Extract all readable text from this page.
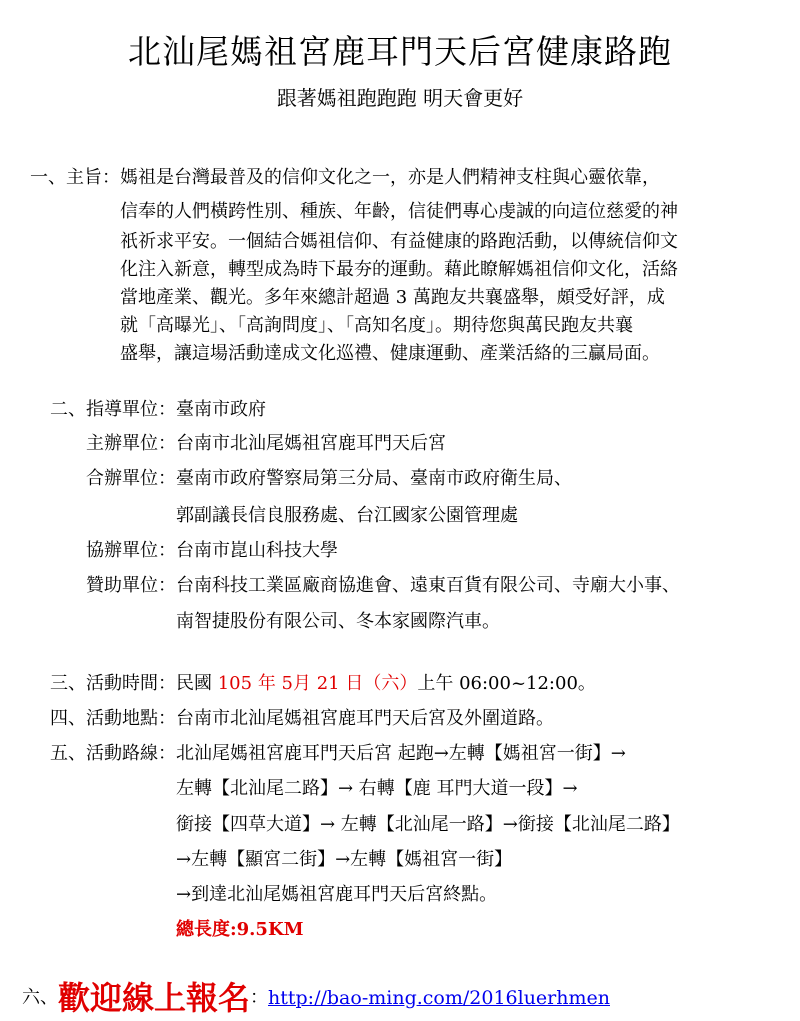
北汕尾媽祖宮鹿耳門天后宮健康路跑
跟著媽祖跑跑跑 明天會更好
一、主旨： 媽祖是台灣最普及的信仰文化之一，亦是人們精神支柱與心靈依靠，
信奉的人們橫跨性別、種族、年齡，信徒們專心虔誠的向這位慈愛的神
祇祈求平安。一個結合媽祖信仰、有益健康的路跑活動，以傳統信仰文
化注入新意，轉型成為時下最夯的運動。藉此瞭解媽祖信仰文化，活絡
當地產業、觀光。多年來總計超過 3 萬跑友共襄盛舉，頗受好評，成
就「高曝光」、「高詢問度」、「高知名度」。期待您與萬民跑友共襄
盛舉，讓這場活動達成文化巡禮、健康運動、產業活絡的三贏局面。
二、指導單位： 臺南市政府
主辦單位： 台南市北汕尾媽祖宮鹿耳門天后宮
合辦單位： 臺南市政府警察局第三分局、臺南市政府衛生局、
郭副議長信良服務處、台江國家公園管理處
協辦單位： 台南市崑山科技大學
贊助單位： 台南科技工業區廠商協進會、遠東百貨有限公司、寺廟大小事、
南智捷股份有限公司、冬本家國際汽車。
三、活動時間： 民國 105 年 5月 21 日（六）上午 06:00~12:00。
四、活動地點： 台南市北汕尾媽祖宮鹿耳門天后宮及外圍道路。
五、活動路線： 北汕尾媽祖宮鹿耳門天后宮 起跑→左轉【媽祖宮一街】→
左轉【北汕尾二路】→ 右轉【鹿 耳門大道一段】→
銜接【四草大道】→ 左轉【北汕尾一路】→銜接【北汕尾二路】
→左轉【顯宮二街】→左轉【媽祖宮一街】
→到達北汕尾媽祖宮鹿耳門天后宮終點。
總長度:9.5KM
六、歡迎線上報名：http://bao-ming.com/2016luerhmen
